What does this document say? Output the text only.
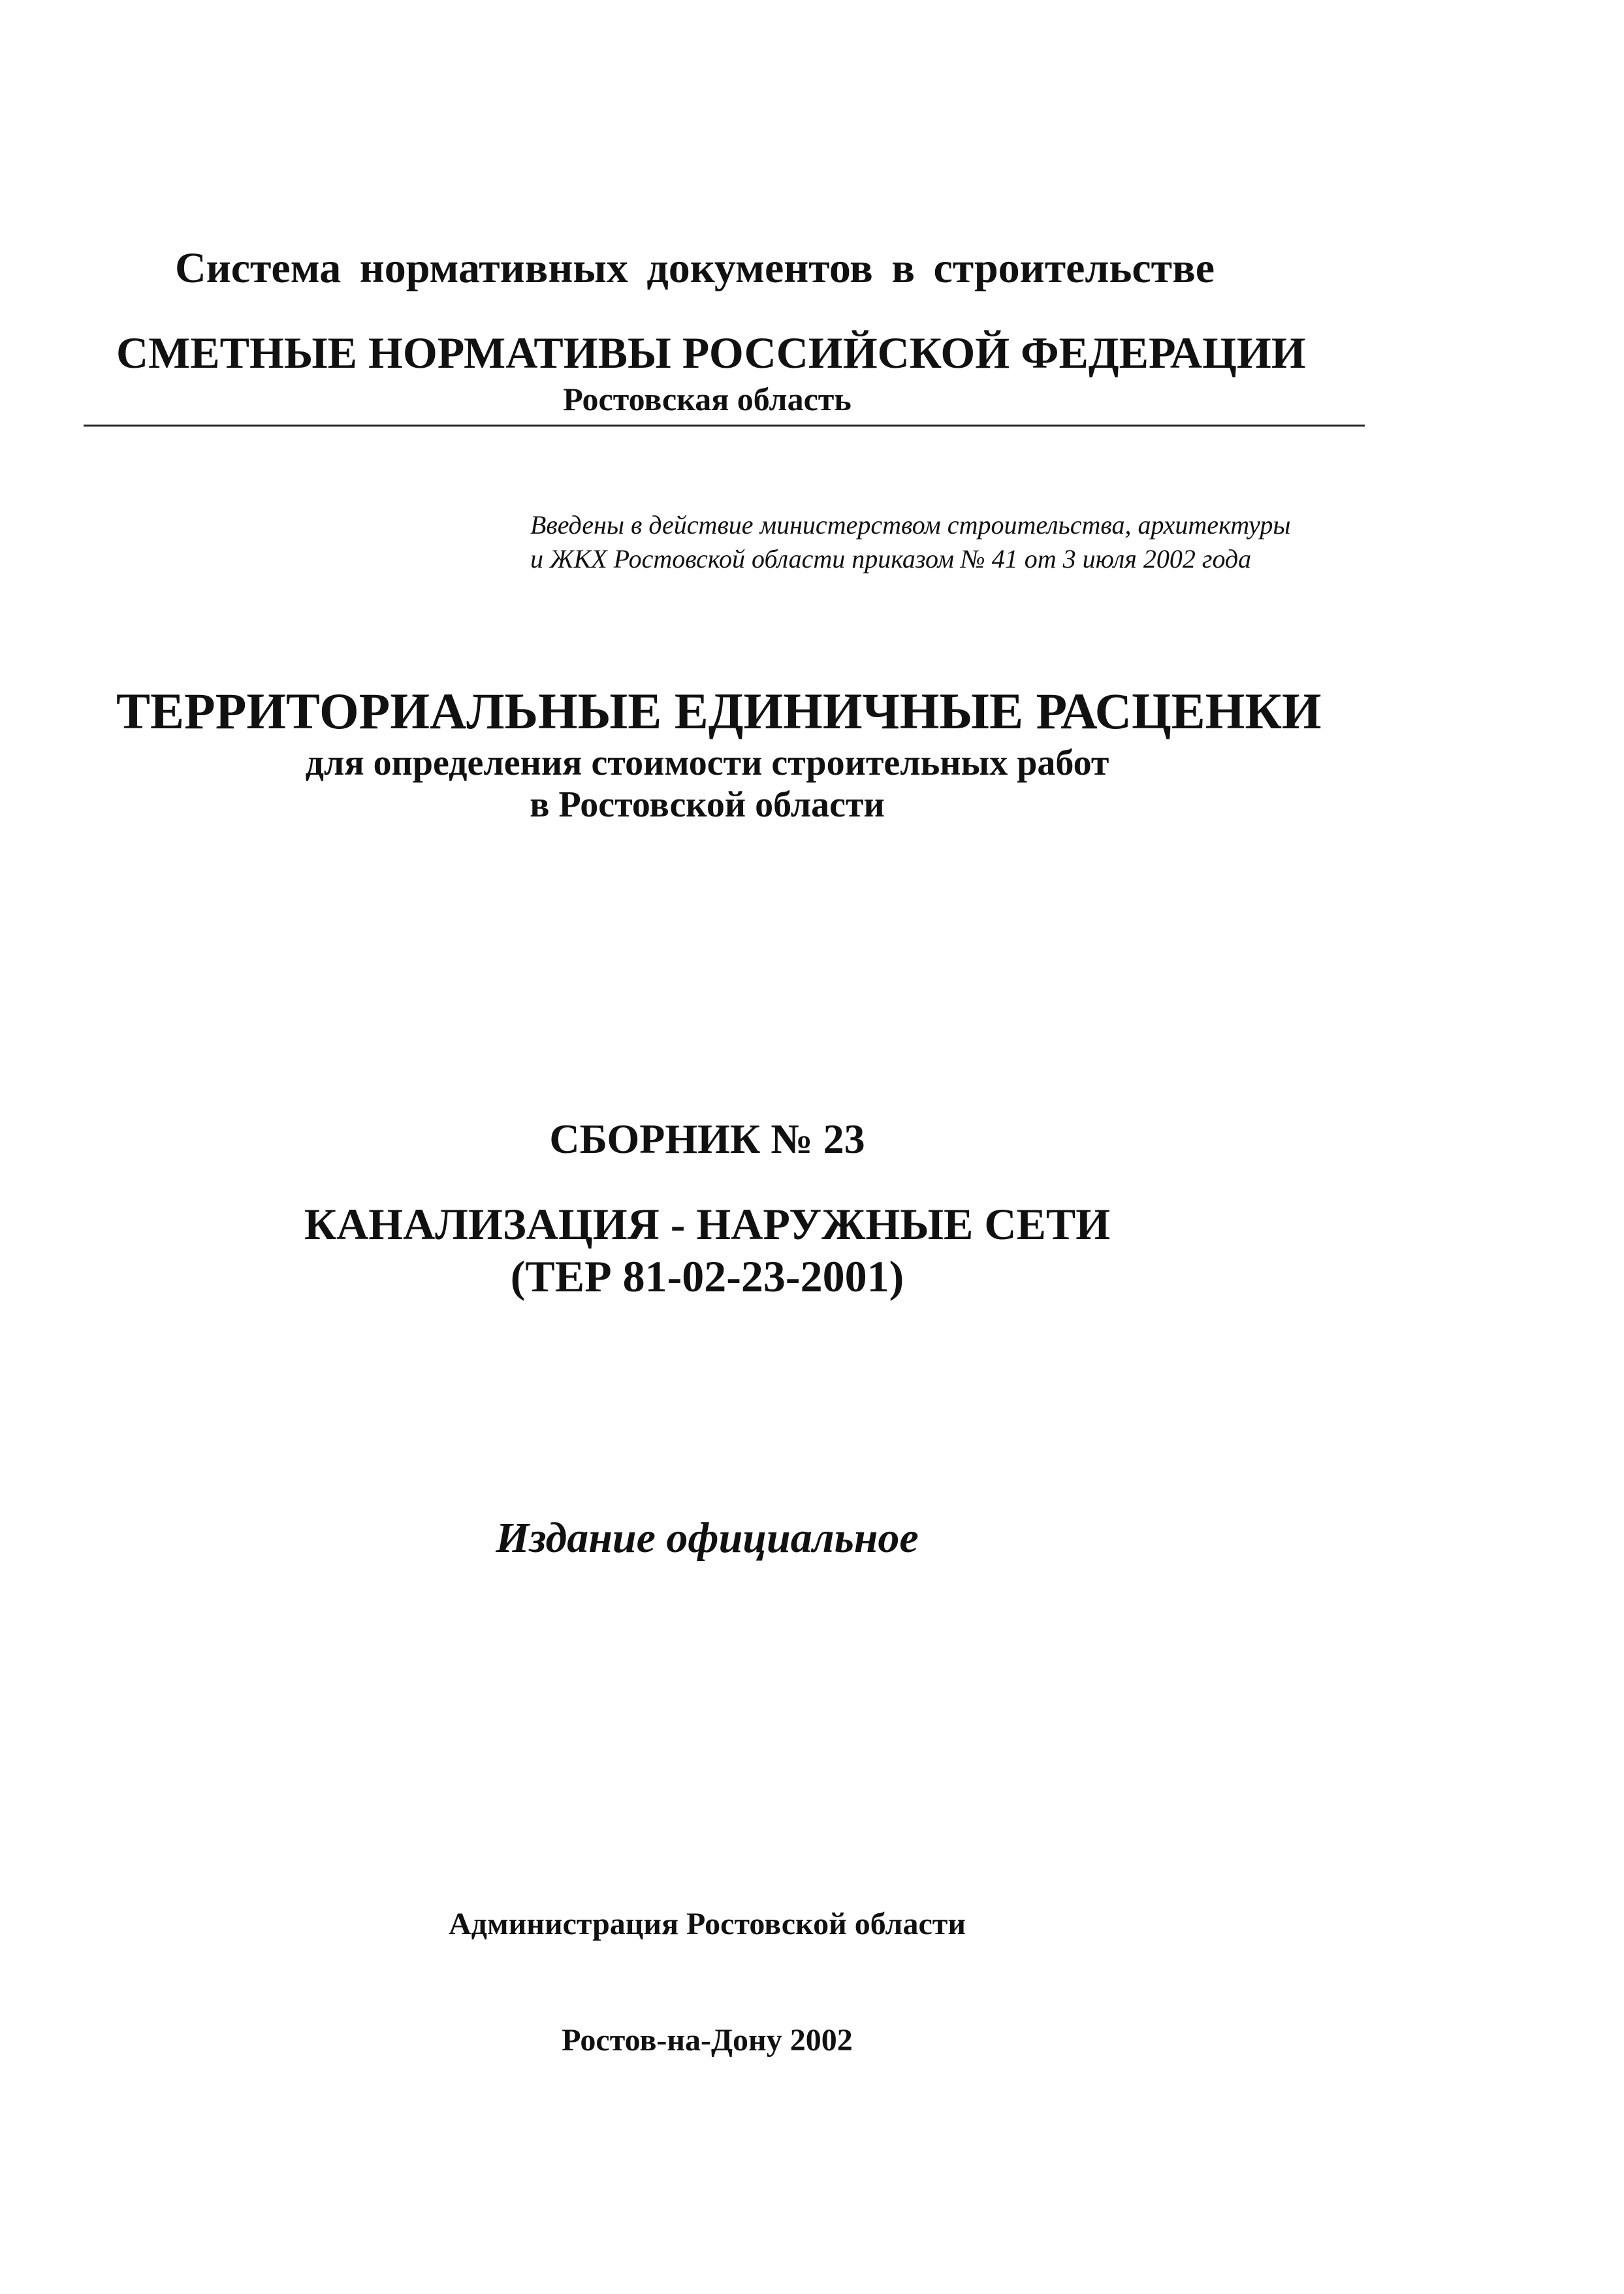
Система нормативных документов в строительстве
СМЕТНЫЕ НОРМАТИВЫ РОССИЙСКОЙ ФЕДЕРАЦИИ
Ростовская область
Введены в действие министерством строительства, архитектуры
и ЖКХ Ростовской области приказом № 41 от 3 июля 2002 года
ТЕРРИТОРИАЛЬНЫЕ ЕДИНИЧНЫЕ РАСЦЕНКИ
для определения стоимости строительных работ
в Ростовской области
СБОРНИК № 23
КАНАЛИЗАЦИЯ - НАРУЖНЫЕ СЕТИ
(ТЕР 81-02-23-2001)
Издание официальное
Администрация Ростовской области
Ростов-на-Дону 2002
